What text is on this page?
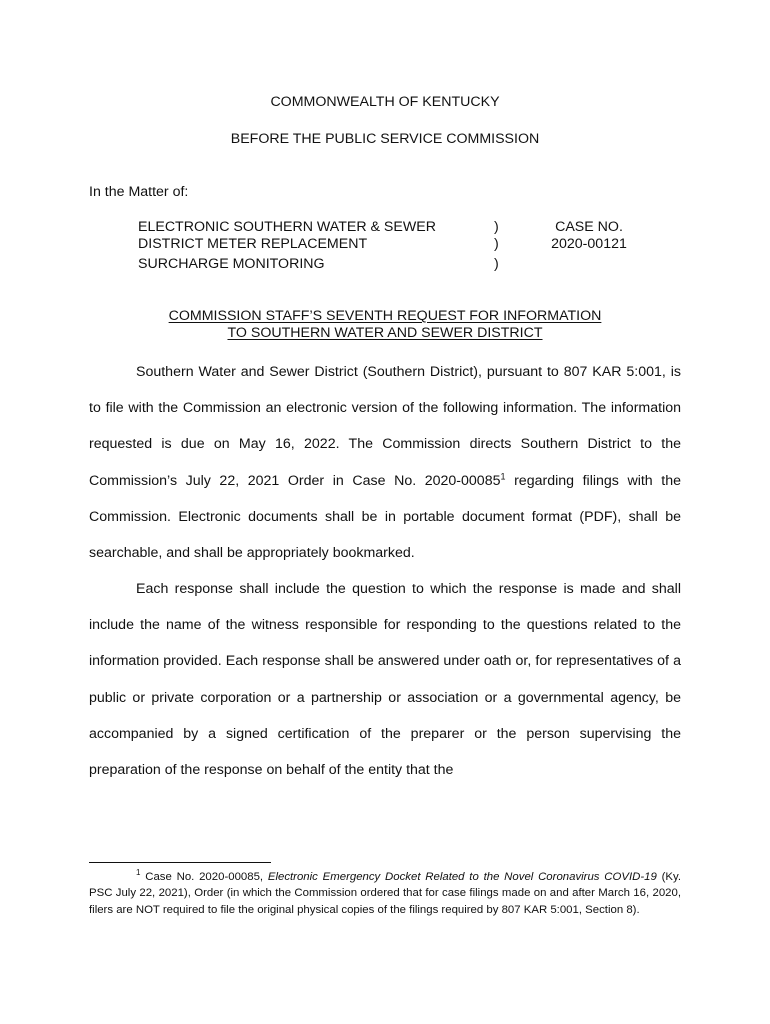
COMMONWEALTH OF KENTUCKY
BEFORE THE PUBLIC SERVICE COMMISSION
In the Matter of:
ELECTRONIC SOUTHERN WATER & SEWER
DISTRICT METER REPLACEMENT
SURCHARGE MONITORING
)
)
)
CASE NO.
2020-00121
COMMISSION STAFF’S SEVENTH REQUEST FOR INFORMATION
TO SOUTHERN WATER AND SEWER DISTRICT

Southern Water and Sewer District (Southern District), pursuant to 807 KAR 5:001, is to file with the Commission an electronic version of the following information. The information requested is due on May 16, 2022. The Commission directs Southern District to the Commission’s July 22, 2021 Order in Case No. 2020-00085$^1$ regarding filings with the Commission. Electronic documents shall be in portable document format (PDF), shall be searchable, and shall be appropriately bookmarked.

Each response shall include the question to which the response is made and shall include the name of the witness responsible for responding to the questions related to the information provided. Each response shall be answered under oath or, for representatives of a public or private corporation or a partnership or association or a governmental agency, be accompanied by a signed certification of the preparer or the person supervising the preparation of the response on behalf of the entity that the

$^1$ Case No. 2020-00085, Electronic Emergency Docket Related to the Novel Coronavirus COVID-19 (Ky. PSC July 22, 2021), Order (in which the Commission ordered that for case filings made on and after March 16, 2020, filers are NOT required to file the original physical copies of the filings required by 807 KAR 5:001, Section 8).
